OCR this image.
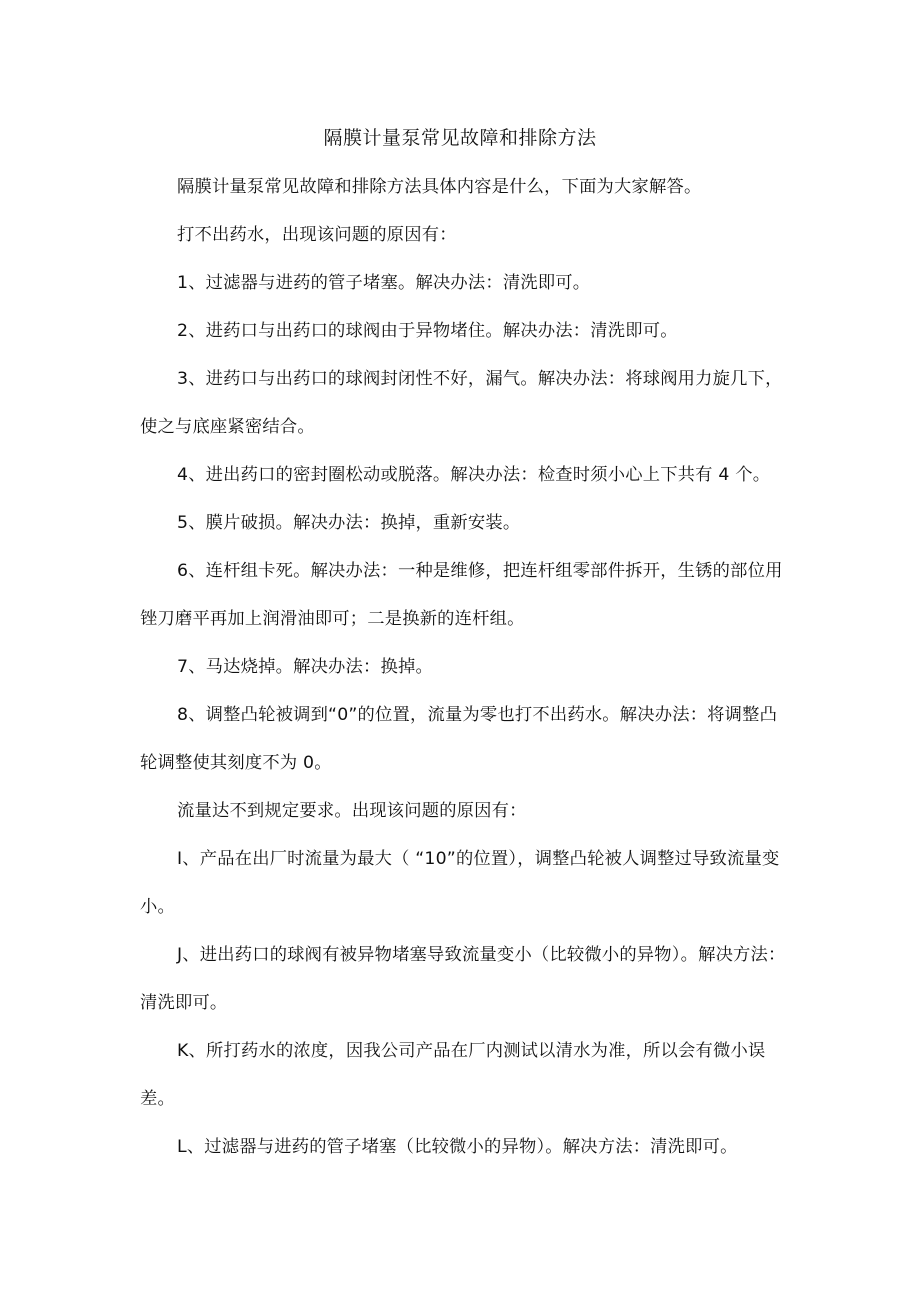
隔膜计量泵常见故障和排除方法
隔膜计量泵常见故障和排除方法具体内容是什么，下面为大家解答。
打不出药水，出现该问题的原因有：
1、过滤器与进药的管子堵塞。解决办法：清洗即可。
2、进药口与出药口的球阀由于异物堵住。解决办法：清洗即可。
3、进药口与出药口的球阀封闭性不好，漏气。解决办法：将球阀用力旋几下，使之与底座紧密结合。
4、进出药口的密封圈松动或脱落。解决办法：检查时须小心上下共有 4 个。
5、膜片破损。解决办法：换掉，重新安装。
6、连杆组卡死。解决办法：一种是维修，把连杆组零部件拆开，生锈的部位用锉刀磨平再加上润滑油即可；二是换新的连杆组。
7、马达烧掉。解决办法：换掉。
8、调整凸轮被调到“0”的位置，流量为零也打不出药水。解决办法：将调整凸轮调整使其刻度不为 0。
流量达不到规定要求。出现该问题的原因有：
I、产品在出厂时流量为最大（ “10”的位置），调整凸轮被人调整过导致流量变小。
J、进出药口的球阀有被异物堵塞导致流量变小（比较微小的异物）。解决方法：清洗即可。
K、所打药水的浓度，因我公司产品在厂内测试以清水为准，所以会有微小误差。
L、过滤器与进药的管子堵塞（比较微小的异物）。解决方法：清洗即可。
